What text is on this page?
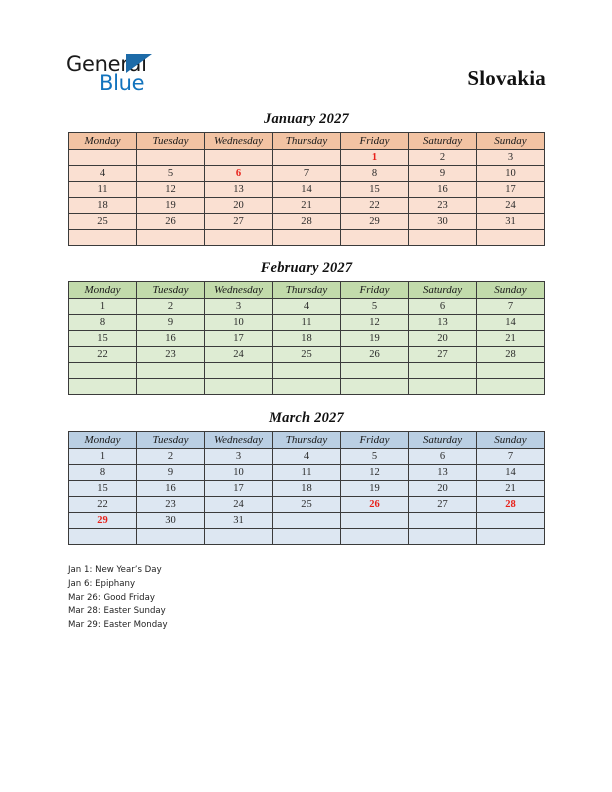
General
Blue	Slovakia
January 2027
Monday	Tuesday	Wednesday	Thursday	Friday	Saturday	Sunday
				1	2	3
4	5	6	7	8	9	10
11	12	13	14	15	16	17
18	19	20	21	22	23	24
25	26	27	28	29	30	31

February 2027
Monday	Tuesday	Wednesday	Thursday	Friday	Saturday	Sunday
1	2	3	4	5	6	7
8	9	10	11	12	13	14
15	16	17	18	19	20	21
22	23	24	25	26	27	28

March 2027
Monday	Tuesday	Wednesday	Thursday	Friday	Saturday	Sunday
1	2	3	4	5	6	7
8	9	10	11	12	13	14
15	16	17	18	19	20	21
22	23	24	25	26	27	28
29	30	31				

Jan 1: New Year’s Day
Jan 6: Epiphany
Mar 26: Good Friday
Mar 28: Easter Sunday
Mar 29: Easter Monday
